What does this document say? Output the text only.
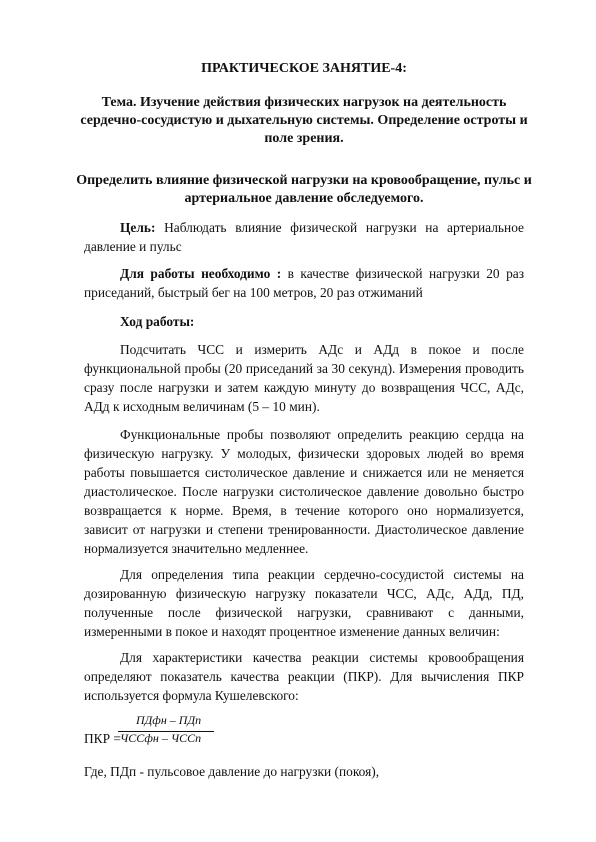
ПРАКТИЧЕСКОЕ ЗАНЯТИЕ-4:
Тема. Изучение действия физических нагрузок на деятельность
сердечно-сосудистую и дыхательную системы. Определение остроты и
поле зрения.
Определить влияние физической нагрузки на кровообращение, пульс и
артериальное давление обследуемого.

Цель: Наблюдать влияние физической нагрузки на артериальное давление и пульс

Для работы необходимо : в качестве физической нагрузки 20 раз приседаний, быстрый бег на 100 метров, 20 раз отжиманий

Ход работы:

Подсчитать ЧСС и измерить АДс и АДд в покое и после функциональной пробы (20 приседаний за 30 секунд). Измерения проводить сразу после нагрузки и затем каждую минуту до возвращения ЧСС, АДс, АДд к исходным величинам (5 – 10 мин).

Функциональные пробы позволяют определить реакцию сердца на физическую нагрузку. У молодых, физически здоровых людей во время работы повышается систолическое давление и снижается или не меняется диастолическое. После нагрузки систолическое давление довольно быстро возвращается к норме. Время, в течение которого оно нормализуется, зависит от нагрузки и степени тренированности. Диастолическое давление нормализуется значительно медленнее.

Для определения типа реакции сердечно-сосудистой системы на дозированную физическую нагрузку показатели ЧСС, АДс, АДд, ПД, полученные после физической нагрузки, сравнивают с данными, измеренными в покое и находят процентное изменение данных величин:

Для характеристики качества реакции системы кровообращения определяют показатель качества реакции (ПКР). Для вычисления ПКР используется формула Кушелевского:

ПКР =
ПДфн – ПДп
ЧССфн – ЧССп

Где, ПДп - пульсовое давление до нагрузки (покоя),
